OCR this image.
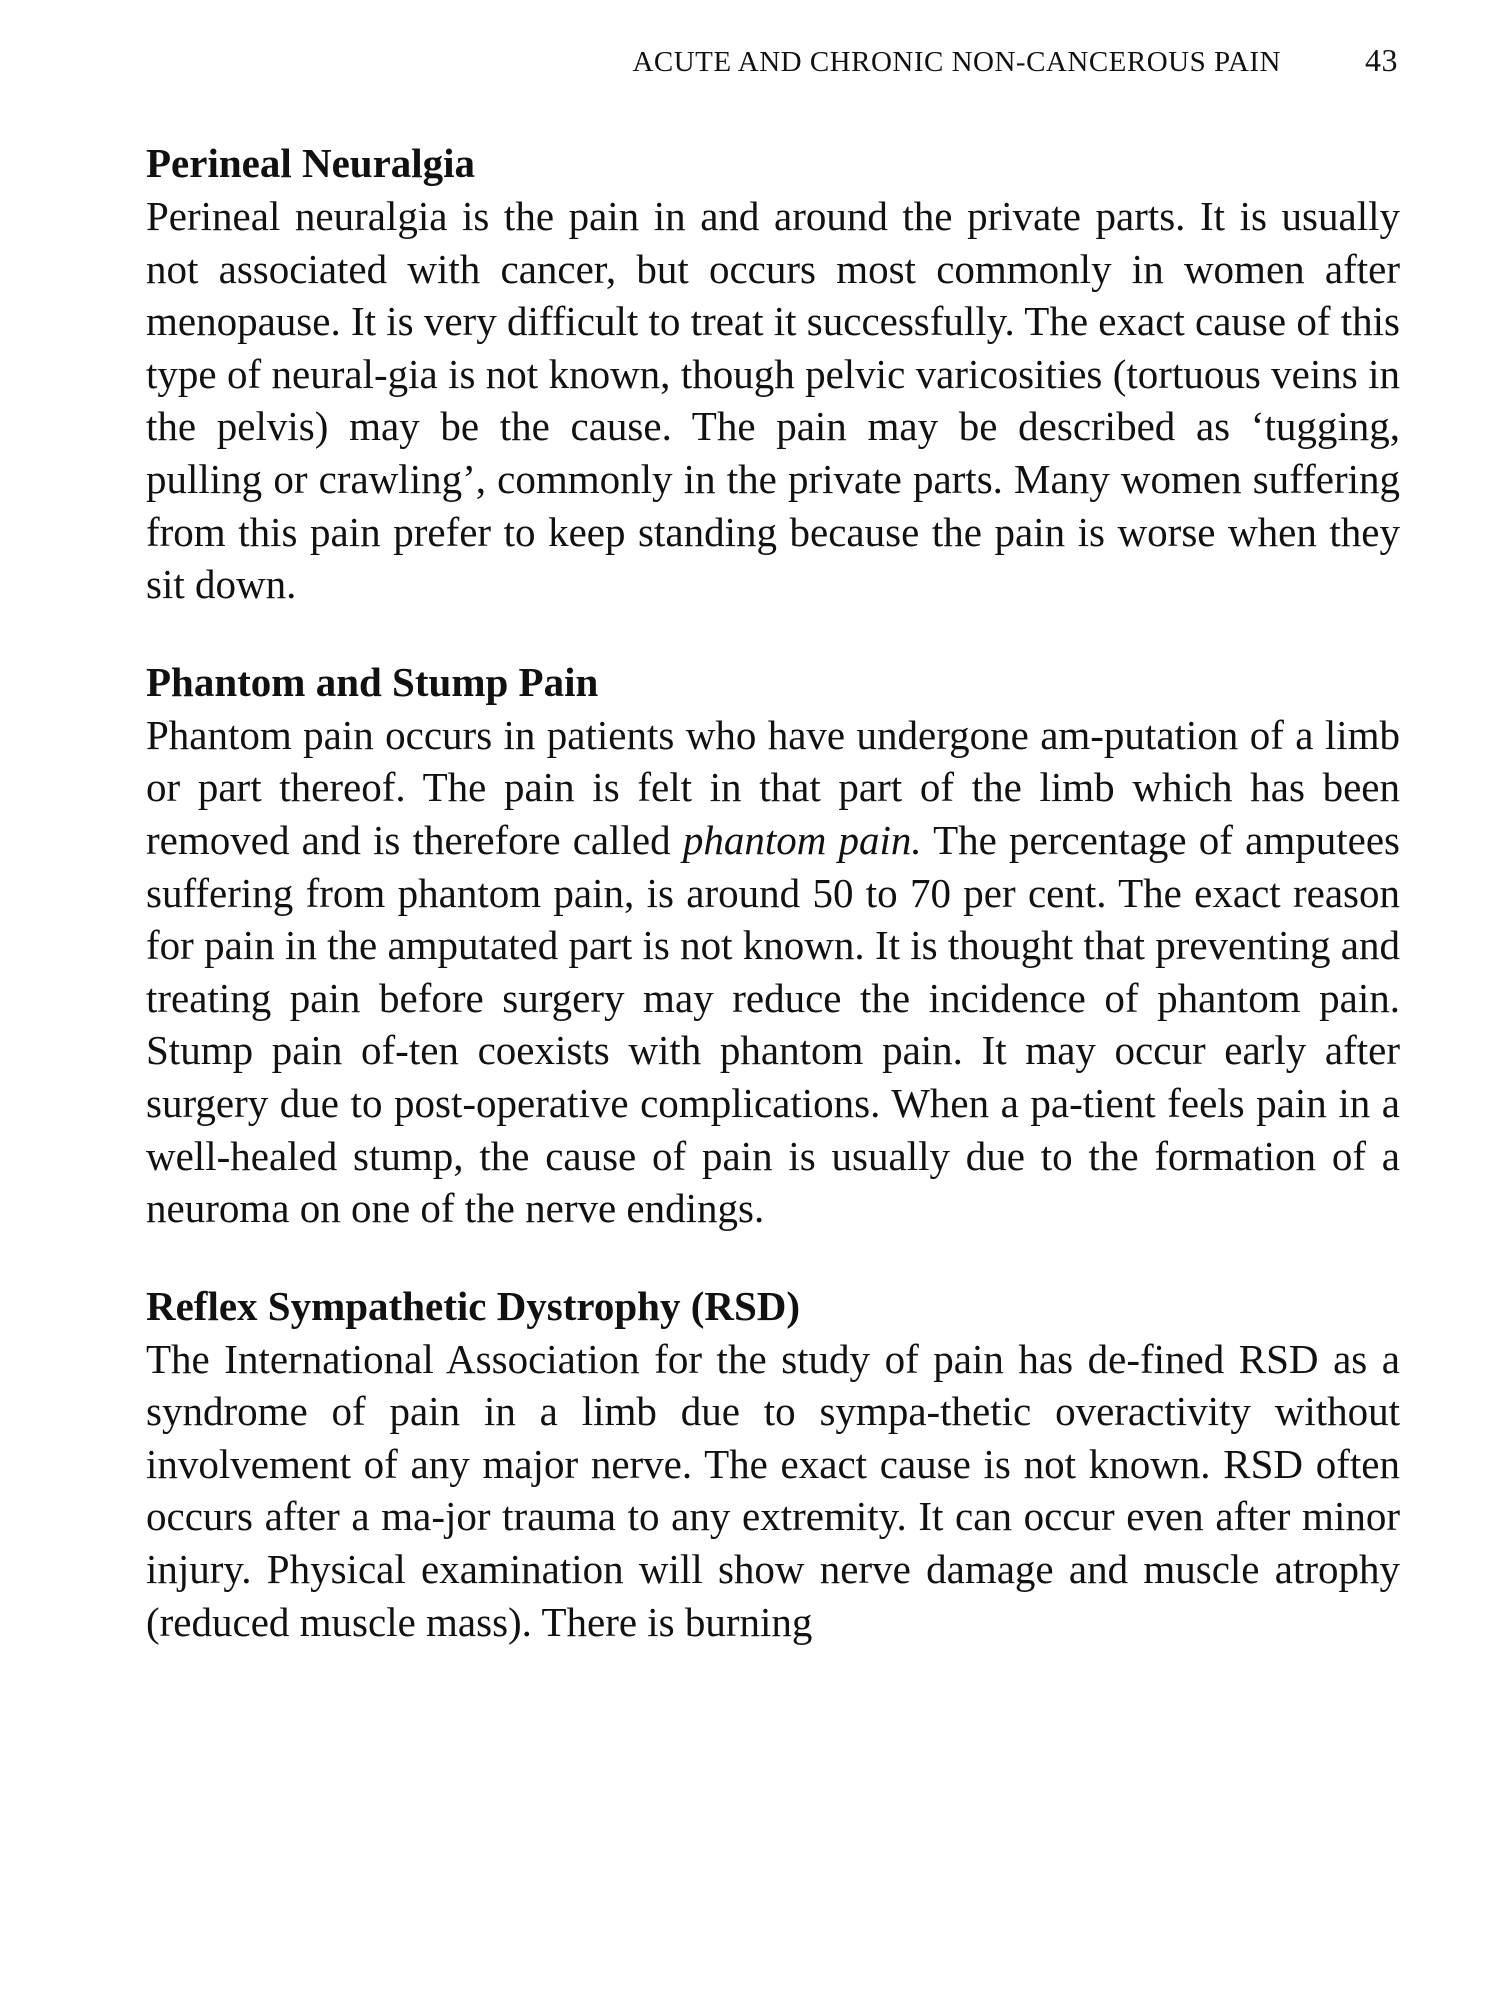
ACUTE AND CHRONIC NON-CANCEROUS PAIN	43
Perineal Neuralgia

Perineal neuralgia is the pain in and around the private parts. It is usually not associated with cancer, but occurs most commonly in women after menopause. It is very difficult to treat it successfully. The exact cause of this type of neural-gia is not known, though pelvic varicosities (tortuous veins in the pelvis) may be the cause. The pain may be described as ‘tugging, pulling or crawling’, commonly in the private parts. Many women suffering from this pain prefer to keep standing because the pain is worse when they sit down.

Phantom and Stump Pain

Phantom pain occurs in patients who have undergone am-putation of a limb or part thereof. The pain is felt in that part of the limb which has been removed and is therefore called phantom pain. The percentage of amputees suffering from phantom pain, is around 50 to 70 per cent. The exact reason for pain in the amputated part is not known. It is thought that preventing and treating pain before surgery may reduce the incidence of phantom pain. Stump pain of-ten coexists with phantom pain. It may occur early after surgery due to post-operative complications. When a pa-tient feels pain in a well-healed stump, the cause of pain is usually due to the formation of a neuroma on one of the nerve endings.

Reflex Sympathetic Dystrophy (RSD)

The International Association for the study of pain has de-fined RSD as a syndrome of pain in a limb due to sympa-thetic overactivity without involvement of any major nerve. The exact cause is not known. RSD often occurs after a ma-jor trauma to any extremity. It can occur even after minor injury. Physical examination will show nerve damage and muscle atrophy (reduced muscle mass). There is burning
